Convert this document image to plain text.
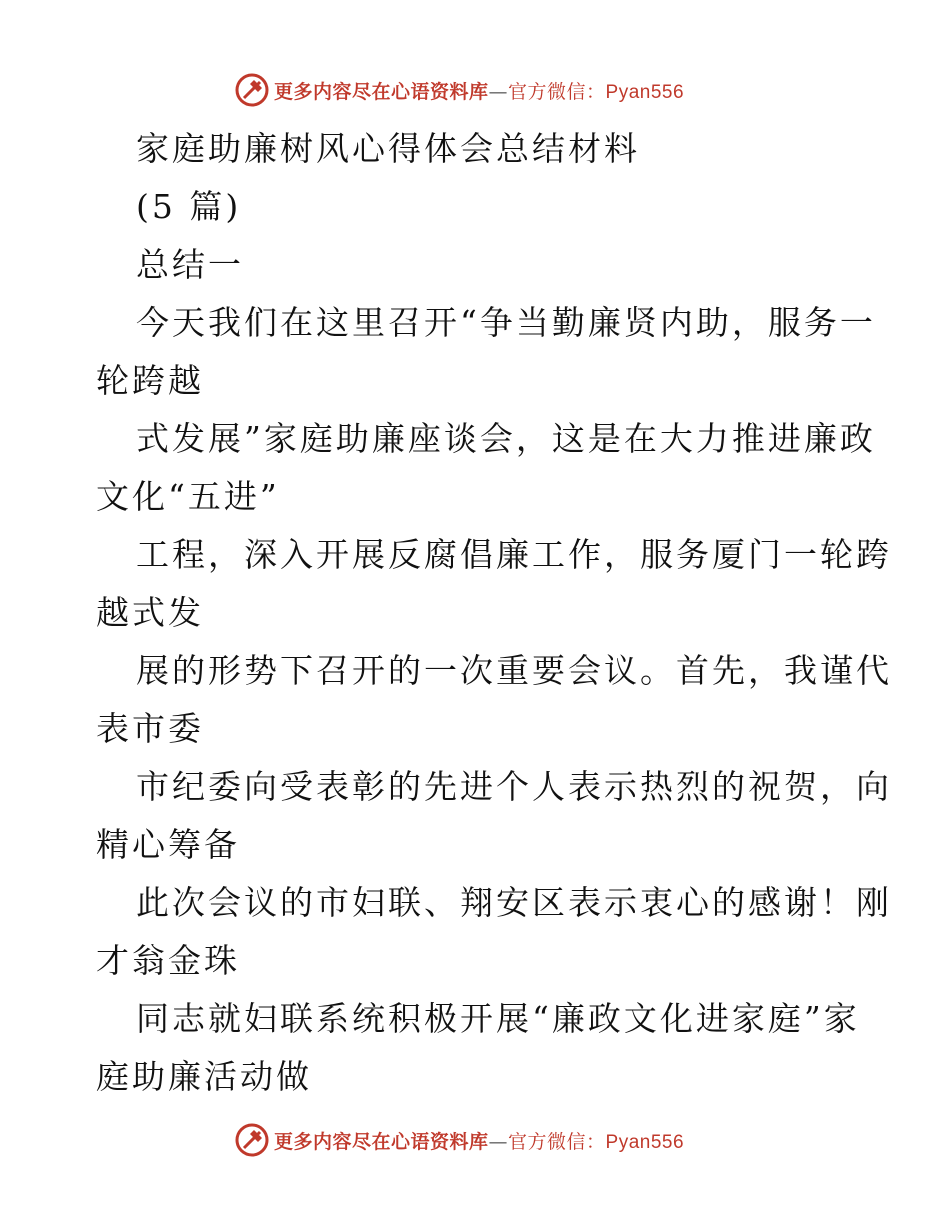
更多内容尽在心语资料库—官方微信：Pyan556
家庭助廉树风心得体会总结材料
(5 篇)
总结一
今天我们在这里召开“争当勤廉贤内助，服务一
轮跨越
式发展”家庭助廉座谈会，这是在大力推进廉政
文化“五进”
工程，深入开展反腐倡廉工作，服务厦门一轮跨
越式发
展的形势下召开的一次重要会议。首先，我谨代
表市委
市纪委向受表彰的先进个人表示热烈的祝贺，向
精心筹备
此次会议的市妇联、翔安区表示衷心的感谢！刚
才翁金珠
同志就妇联系统积极开展“廉政文化进家庭”家
庭助廉活动做
更多内容尽在心语资料库—官方微信：Pyan556
